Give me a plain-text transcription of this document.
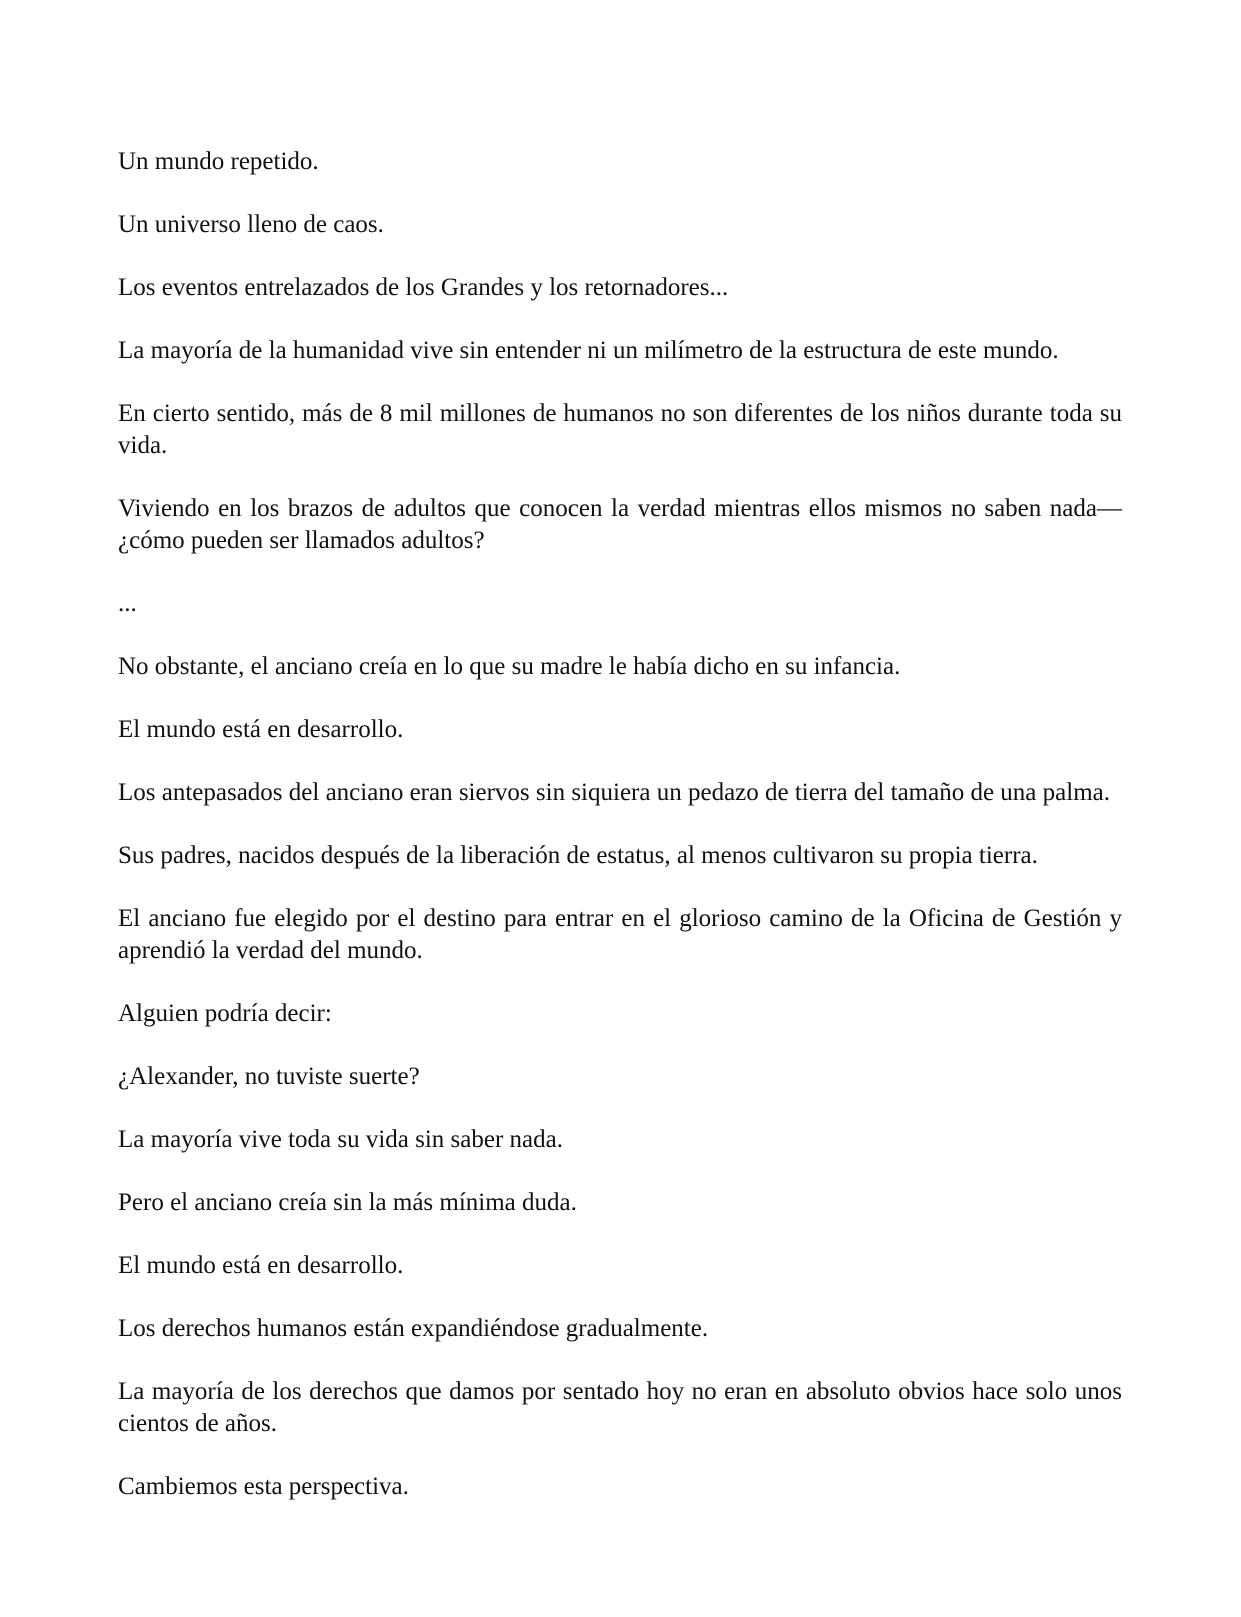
Un mundo repetido.

Un universo lleno de caos.

Los eventos entrelazados de los Grandes y los retornadores...

La mayoría de la humanidad vive sin entender ni un milímetro de la estructura de este mundo.

En cierto sentido, más de 8 mil millones de humanos no son diferentes de los niños durante toda su vida.

Viviendo en los brazos de adultos que conocen la verdad mientras ellos mismos no saben nada—¿cómo pueden ser llamados adultos?

...

No obstante, el anciano creía en lo que su madre le había dicho en su infancia.

El mundo está en desarrollo.

Los antepasados del anciano eran siervos sin siquiera un pedazo de tierra del tamaño de una palma.

Sus padres, nacidos después de la liberación de estatus, al menos cultivaron su propia tierra.

El anciano fue elegido por el destino para entrar en el glorioso camino de la Oficina de Gestión y aprendió la verdad del mundo.

Alguien podría decir:

¿Alexander, no tuviste suerte?

La mayoría vive toda su vida sin saber nada.

Pero el anciano creía sin la más mínima duda.

El mundo está en desarrollo.

Los derechos humanos están expandiéndose gradualmente.

La mayoría de los derechos que damos por sentado hoy no eran en absoluto obvios hace solo unos cientos de años.

Cambiemos esta perspectiva.
